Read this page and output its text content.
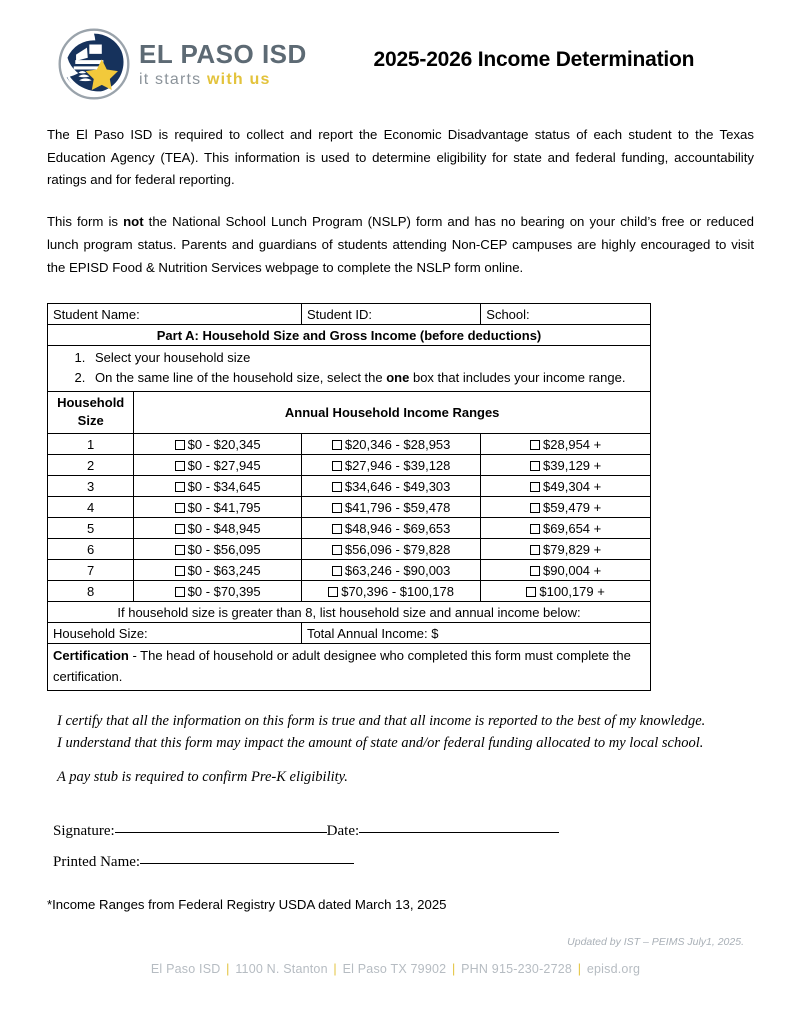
EL PASO ISD
it starts with us
2025-2026 Income Determination

The El Paso ISD is required to collect and report the Economic Disadvantage status of each student to the Texas Education Agency (TEA). This information is used to determine eligibility for state and federal funding, accountability ratings and for federal reporting.

This form is not the National School Lunch Program (NSLP) form and has no bearing on your child’s free or reduced lunch program status. Parents and guardians of students attending Non-CEP campuses are highly encouraged to visit the EPISD Food & Nutrition Services webpage to complete the NSLP form online.

Student Name:		Student ID:	School:
Part A: Household Size and Gross Income (before deductions)			

1. Select your household size
2. On the same line of the household size, select the one box that includes your income range.

Household
Size	Annual Household Income Ranges		
1	$0 - $20,345	$20,346 - $28,953	$28,954 +
2	$0 - $27,945	$27,946 - $39,128	$39,129 +
3	$0 - $34,645	$34,646 - $49,303	$49,304 +
4	$0 - $41,795	$41,796 - $59,478	$59,479 +
5	$0 - $48,945	$48,946 - $69,653	$69,654 +
6	$0 - $56,095	$56,096 - $79,828	$79,829 +
7	$0 - $63,245	$63,246 - $90,003	$90,004 +
8	$0 - $70,395	$70,396 - $100,178	$100,179 +
If household size is greater than 8, list household size and annual income below:			
Household Size:		Total Annual Income: $	
Certification - The head of household or adult designee who completed this form must complete the certification.			
I certify that all the information on this form is true and that all income is reported to the best of my knowledge.
I understand that this form may impact the amount of state and/or federal funding allocated to my local school.
A pay stub is required to confirm Pre-K eligibility.
Signature:	Date:
Printed Name:
*Income Ranges from Federal Registry USDA dated March 13, 2025
Updated by IST – PEIMS July1, 2025.
El Paso ISD | 1100 N. Stanton | El Paso TX 79902 | PHN 915-230-2728 | episd.org
